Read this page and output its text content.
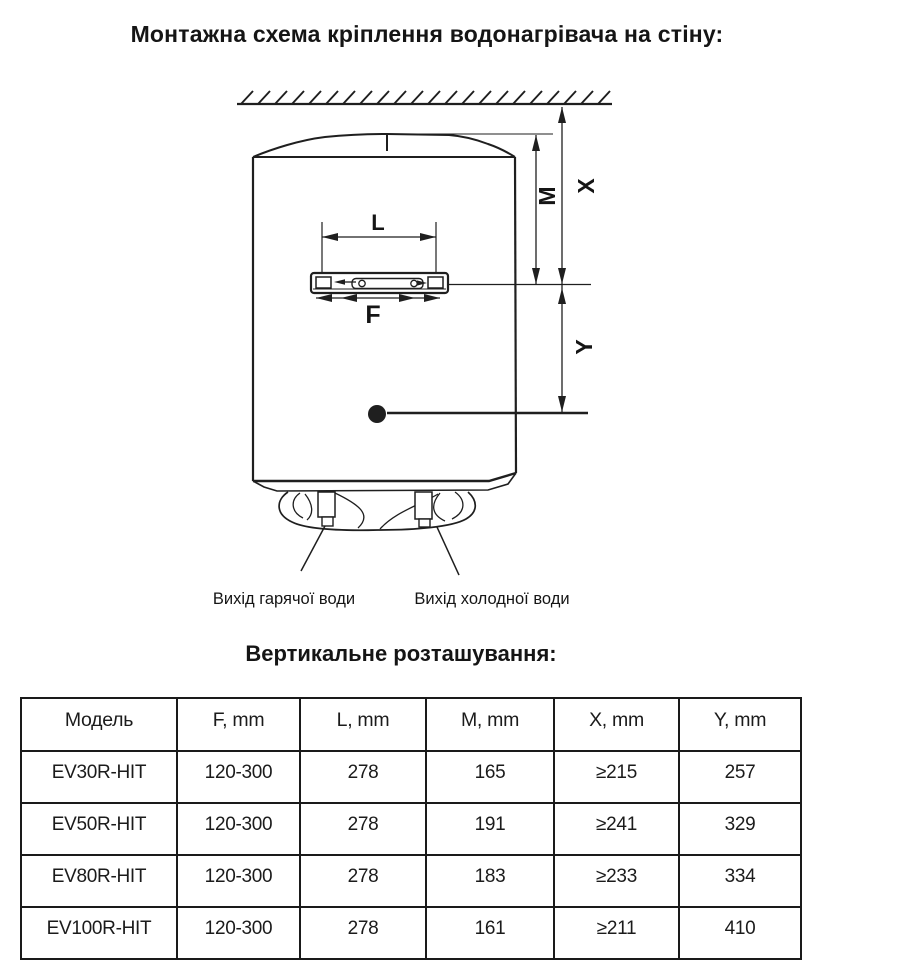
Монтажна схема кріплення водонагрівача на стіну:
M
X
Y
L
F
Вихід гарячої води	Вихід холодної води
Вертикальне розташування:
Модель	F, mm	L, mm	M, mm	X, mm	Y, mm
EV30R-HIT	120-300	278	165	≥215	257
EV50R-HIT	120-300	278	191	≥241	329
EV80R-HIT	120-300	278	183	≥233	334
EV100R-HIT	120-300	278	161	≥211	410
